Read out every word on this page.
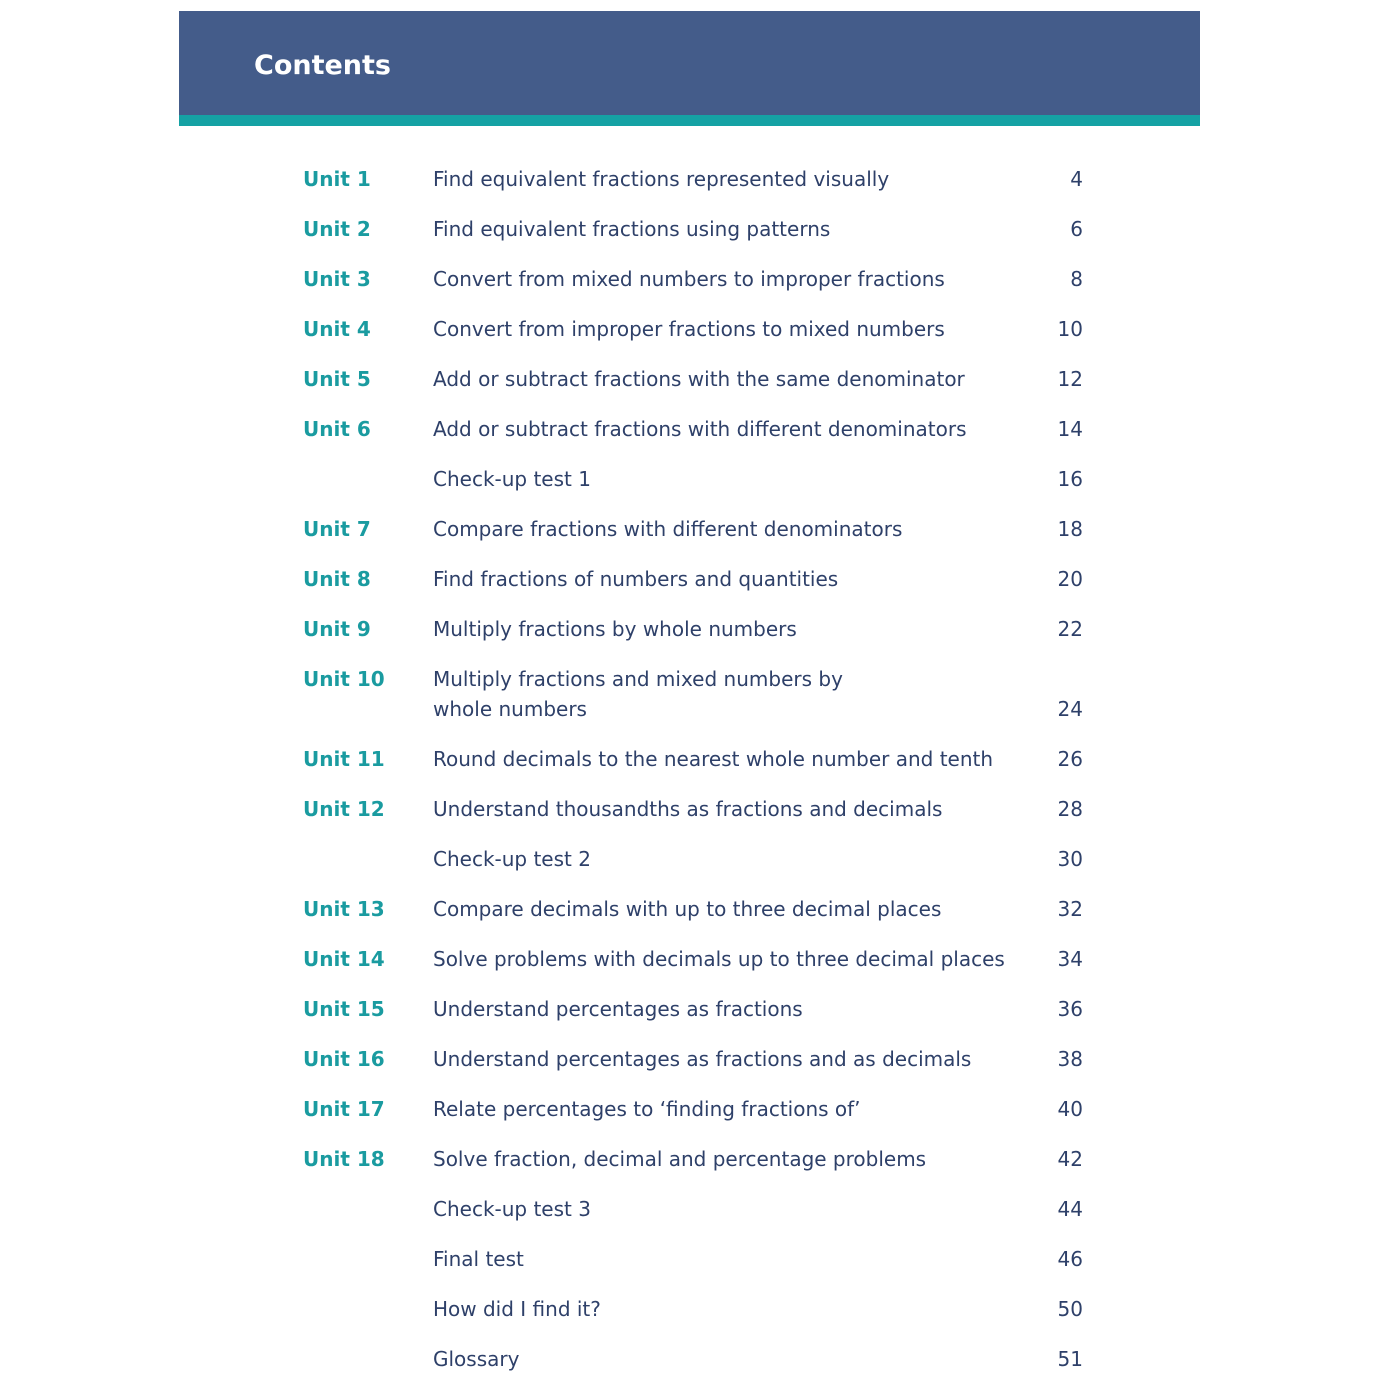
Contents
Unit 1	Find equivalent fractions represented visually	4
Unit 2	Find equivalent fractions using patterns	6
Unit 3	Convert from mixed numbers to improper fractions	8
Unit 4	Convert from improper fractions to mixed numbers	10
Unit 5	Add or subtract fractions with the same denominator	12
Unit 6	Add or subtract fractions with different denominators	14
Check-up test 1	16
Unit 7	Compare fractions with different denominators	18
Unit 8	Find fractions of numbers and quantities	20
Unit 9	Multiply fractions by whole numbers	22
Unit 10 Multiply fractions and mixed numbers by
whole numbers	24
Unit 11 Round decimals to the nearest whole number and tenth	26
Unit 12 Understand thousandths as fractions and decimals	28
Check-up test 2	30
Unit 13 Compare decimals with up to three decimal places	32
Unit 14 Solve problems with decimals up to three decimal places	34
Unit 15 Understand percentages as fractions	36
Unit 16 Understand percentages as fractions and as decimals	38
Unit 17 Relate percentages to ‘finding fractions of’	40
Unit 18 Solve fraction, decimal and percentage problems	42
Check-up test 3	44
Final test	46
How did I find it?	50
Glossary	51
